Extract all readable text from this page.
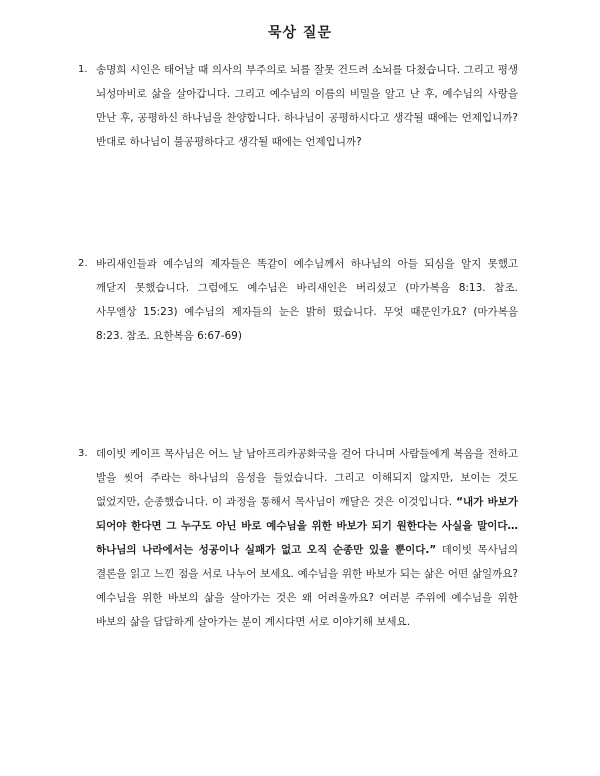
묵상 질문
1. 송명희 시인은 태어날 때 의사의 부주의로 뇌를 잘못 건드려 소뇌를 다쳤습니다. 그리고 평생 뇌성마비로 삶을 살아갑니다. 그리고 예수님의 이름의 비밀을 알고 난 후, 예수님의 사랑을 만난 후, 공평하신 하나님을 찬양합니다. 하나님이 공평하시다고 생각될 때에는 언제입니까? 반대로 하나님이 불공평하다고 생각될 때에는 언제입니까?
2. 바리새인들과 예수님의 제자들은 똑같이 예수님께서 하나님의 아들 되심을 알지 못했고 깨닫지 못했습니다. 그럼에도 예수님은 바리새인은 버리셨고 (마가복음 8:13. 참조. 사무엘상 15:23) 예수님의 제자들의 눈은 밝히 떴습니다. 무엇 때문인가요? (마가복음 8:23. 참조. 요한복음 6:67-69)
3. 데이빗 케이프 목사님은 어느 날 남아프리카공화국을 걸어 다니며 사람들에게 복음을 전하고 발을 씻어 주라는 하나님의 음성을 들었습니다. 그리고 이해되지 않지만, 보이는 것도 없었지만, 순종했습니다. 이 과정을 통해서 목사님이 깨달은 것은 이것입니다. “내가 바보가 되어야 한다면 그 누구도 아닌 바로 예수님을 위한 바보가 되기 원한다는 사실을 말이다…하나님의 나라에서는 성공이나 실패가 없고 오직 순종만 있을 뿐이다.” 데이빗 목사님의 결론을 읽고 느낀 점을 서로 나누어 보세요. 예수님을 위한 바보가 되는 삶은 어떤 삶일까요? 예수님을 위한 바보의 삶을 살아가는 것은 왜 어려울까요? 여러분 주위에 예수님을 위한 바보의 삶을 담담하게 살아가는 분이 계시다면 서로 이야기해 보세요.
